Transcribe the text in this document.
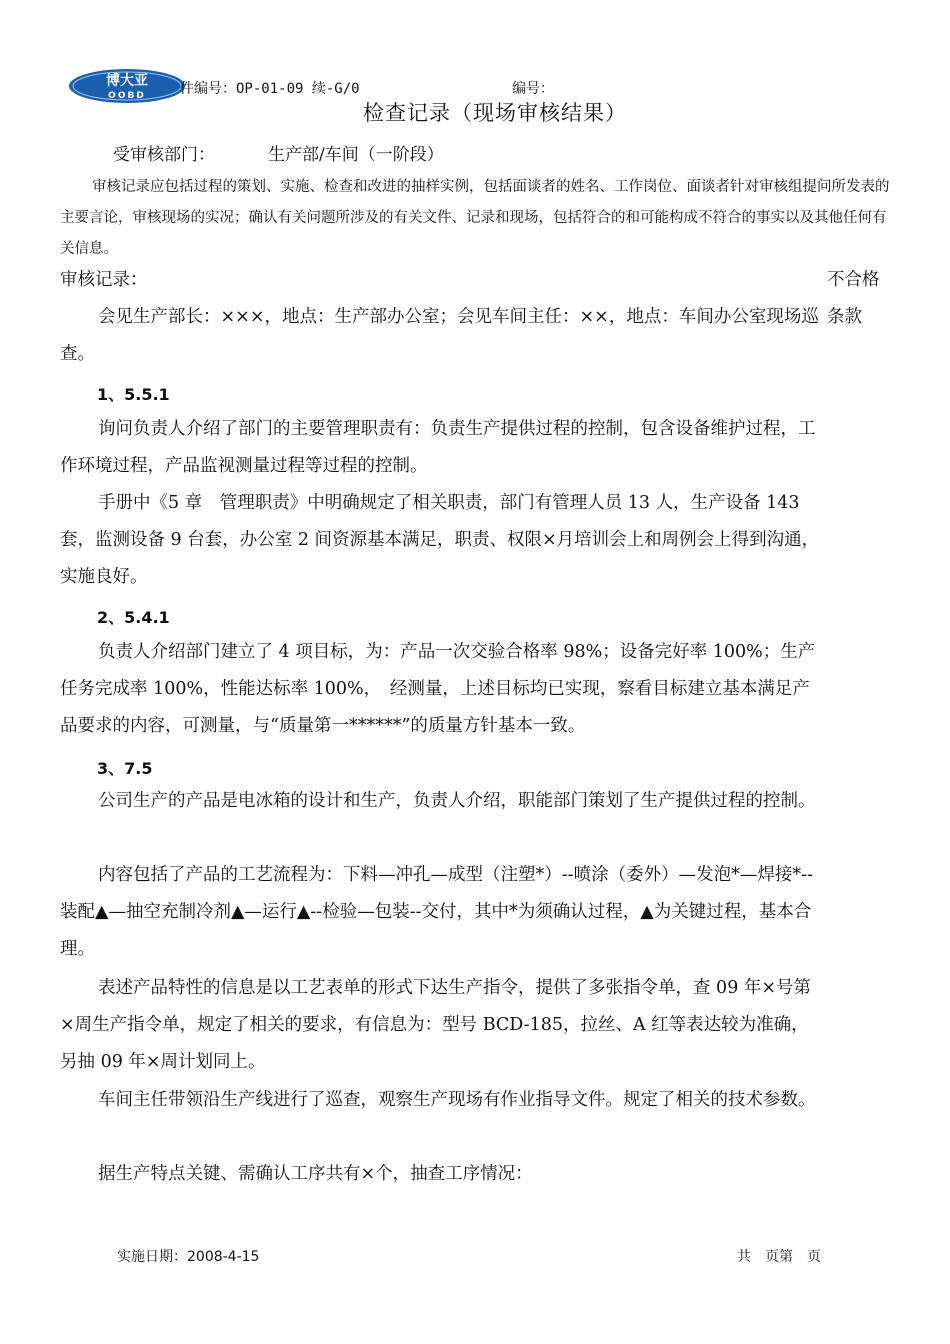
博大亚
OOBD 件编号：OP-01-09 续-G/0	编号：
检查记录（现场审核结果）
受审核部门：	生产部/车间（一阶段）
审核记录应包括过程的策划、实施、检查和改进的抽样实例，包括面谈者的姓名、工作岗位、面谈者针对审核组提问所发表的主要言论，审核现场的实况；确认有关问题所涉及的有关文件、记录和现场，包括符合的和可能构成不符合的事实以及其他任何有关信息。
审核记录：	不合格
条款
会见生产部长：×××，地点：生产部办公室；会见车间主任：××，地点：车间办公室现场巡查。
1、5.5.1
询问负责人介绍了部门的主要管理职责有：负责生产提供过程的控制，包含设备维护过程，工作环境过程，产品监视测量过程等过程的控制。
手册中《5 章　管理职责》中明确规定了相关职责，部门有管理人员 13 人，生产设备 143 套，监测设备 9 台套，办公室 2 间资源基本满足，职责、权限×月培训会上和周例会上得到沟通，实施良好。
2、5.4.1
负责人介绍部门建立了 4 项目标，为：产品一次交验合格率 98%；设备完好率 100%；生产任务完成率 100%，性能达标率 100%，　经测量，上述目标均已实现，察看目标建立基本满足产品要求的内容，可测量，与“质量第一******”的质量方针基本一致。
3、7.5
公司生产的产品是电冰箱的设计和生产，负责人介绍，职能部门策划了生产提供过程的控制。
内容包括了产品的工艺流程为：下料—冲孔—成型（注塑*）--喷涂（委外）—发泡*—焊接*--装配▲—抽空充制冷剂▲—运行▲--检验—包装--交付，其中*为须确认过程，▲为关键过程，基本合理。
表述产品特性的信息是以工艺表单的形式下达生产指令，提供了多张指令单，查 09 年×号第×周生产指令单，规定了相关的要求，有信息为：型号 BCD-185，拉丝、A 红等表达较为准确，另抽 09 年×周计划同上。
车间主任带领沿生产线进行了巡查，观察生产现场有作业指导文件。规定了相关的技术参数。
据生产特点关键、需确认工序共有×个，抽查工序情况：
实施日期：2008-4-15	共　页第　页
